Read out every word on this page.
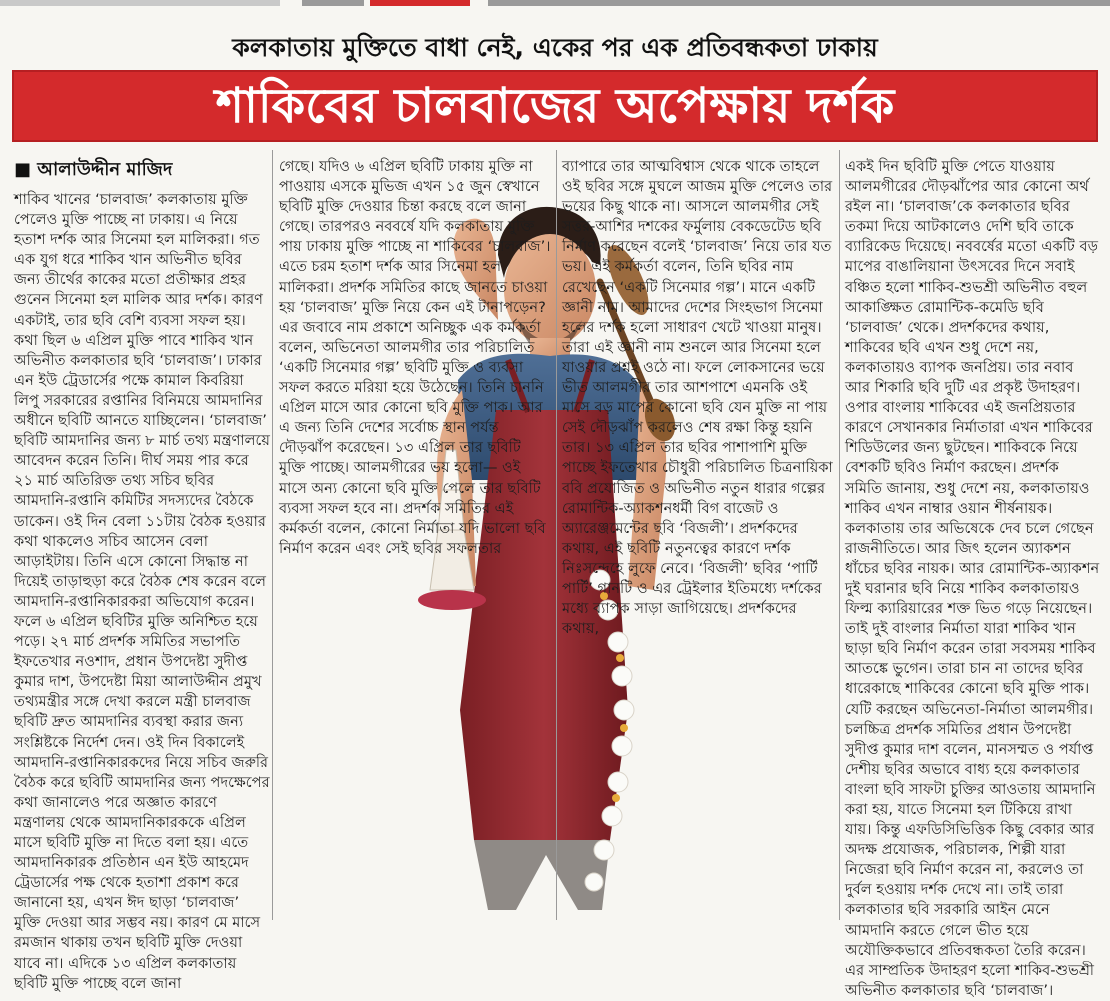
কলকাতায় মুক্তিতে বাধা নেই, একের পর এক প্রতিবন্ধকতা ঢাকায়
শাকিবের চালবাজের অপেক্ষায় দর্শক
■ আলাউদ্দীন মাজিদ

শাকিব খানের ‘চালবাজ’ কলকাতায় মুক্তি পেলেও মুক্তি পাচ্ছে না ঢাকায়। এ নিয়ে হতাশ দর্শক আর সিনেমা হল মালিকরা। গত এক যুগ ধরে শাকিব খান অভিনীত ছবির জন্য তীর্থের কাকের মতো প্রতীক্ষার প্রহর গুনেন সিনেমা হল মালিক আর দর্শক। কারণ একটাই, তার ছবি বেশি ব্যবসা সফল হয়। কথা ছিল ৬ এপ্রিল মুক্তি পাবে শাকিব খান অভিনীত কলকাতার ছবি ‘চালবাজ’। ঢাকার এন ইউ ট্রেডার্সের পক্ষে কামাল কিবরিয়া লিপু সরকারের রপ্তানির বিনিময়ে আমদানির অধীনে ছবিটি আনতে যাচ্ছিলেন। ‘চালবাজ’ ছবিটি আমদানির জন্য ৮ মার্চ তথ্য মন্ত্রণালয়ে আবেদন করেন তিনি। দীর্ঘ সময় পার করে ২১ মার্চ অতিরিক্ত তথ্য সচিব ছবির আমদানি-রপ্তানি কমিটির সদস্যদের বৈঠকে ডাকেন। ওই দিন বেলা ১১টায় বৈঠক হওয়ার কথা থাকলেও সচিব আসেন বেলা আড়াইটায়। তিনি এসে কোনো সিদ্ধান্ত না দিয়েই তাড়াহুড়া করে বৈঠক শেষ করেন বলে আমদানি-রপ্তানিকারকরা অভিযোগ করেন। ফলে ৬ এপ্রিল ছবিটির মুক্তি অনিশ্চিত হয়ে পড়ে। ২৭ মার্চ প্রদর্শক সমিতির সভাপতি ইফতেখার নওশাদ, প্রধান উপদেষ্টা সুদীপ্ত কুমার দাশ, উপদেষ্টা মিয়া আলাউদ্দীন প্রমুখ তথ্যমন্ত্রীর সঙ্গে দেখা করলে মন্ত্রী চালবাজ ছবিটি দ্রুত আমদানির ব্যবস্থা করার জন্য সংশ্লিষ্টকে নির্দেশ দেন। ওই দিন বিকালেই আমদানি-রপ্তানিকারকদের নিয়ে সচিব জরুরি বৈঠক করে ছবিটি আমদানির জন্য পদক্ষেপের কথা জানালেও পরে অজ্ঞাত কারণে মন্ত্রণালয় থেকে আমদানিকারককে এপ্রিল মাসে ছবিটি মুক্তি না দিতে বলা হয়। এতে আমদানিকারক প্রতিষ্ঠান এন ইউ আহমেদ ট্রেডার্সের পক্ষ থেকে হতাশা প্রকাশ করে জানানো হয়, এখন ঈদ ছাড়া ‘চালবাজ’ মুক্তি দেওয়া আর সম্ভব নয়। কারণ মে মাসে রমজান থাকায় তখন ছবিটি মুক্তি দেওয়া যাবে না। এদিকে ১৩ এপ্রিল কলকাতায় ছবিটি মুক্তি পাচ্ছে বলে জানা

গেছে। যদিও ৬ এপ্রিল ছবিটি ঢাকায় মুক্তি না পাওয়ায় এসকে মুভিজ এখন ১৫ জুন স্বেখানে ছবিটি মুক্তি দেওয়ার চিন্তা করছে বলে জানা গেছে। তারপরও নববর্ষে যদি কলকাতায় মুক্তি পায় ঢাকায় মুক্তি পাচ্ছে না শাকিবের ‘চালবাজ’। এতে চরম হতাশ দর্শক আর সিনেমা হল মালিকরা। প্রদর্শক সমিতির কাছে জানতে চাওয়া হয় ‘চালবাজ’ মুক্তি নিয়ে কেন এই টানাপড়েন? এর জবাবে নাম প্রকাশে অনিচ্ছুক এক কর্মকর্তা বলেন, অভিনেতা আলমগীর তার পরিচালিত ‘একটি সিনেমার গল্প’ ছবিটি মুক্তি ও ব্যবসা সফল করতে মরিয়া হয়ে উঠেছেন। তিনি চাননি এপ্রিল মাসে আর কোনো ছবি মুক্তি পাক। আর এ জন্য তিনি দেশের সর্বোচ্চ স্থান পর্যন্ত দৌড়ঝাঁপ করেছেন। ১৩ এপ্রিল তার ছবিটি মুক্তি পাচ্ছে। আলমগীরের ভয় হলো— ওই মাসে অন্য কোনো ছবি মুক্তি পেলে তার ছবিটি ব্যবসা সফল হবে না। প্রদর্শক সমিতির এই কর্মকর্তা বলেন, কোনো নির্মাতা যদি ভালো ছবি নির্মাণ করেন এবং সেই ছবির সফলতার

ব্যাপারে তার আত্মবিশ্বাস থেকে থাকে তাহলে ওই ছবির সঙ্গে মুঘলে আজম মুক্তি পেলেও তার ভয়ের কিছু থাকে না। আসলে আলমগীর সেই সত্তর-আশির দশকের ফর্মুলায় বেকডেটেড ছবি নির্মাণ করেছেন বলেই ‘চালবাজ’ নিয়ে তার যত ভয়। এই কর্মকর্তা বলেন, তিনি ছবির নাম রেখেছেন ‘একটি সিনেমার গল্প’। মানে একটি জ্ঞানী নাম। আমাদের দেশের সিংহভাগ সিনেমা হলের দর্শক হলো সাধারণ খেটে খাওয়া মানুষ। তারা এই জ্ঞানী নাম শুনলে আর সিনেমা হলে যাওয়ার প্রশ্নই ওঠে না। ফলে লোকসানের ভয়ে ভীত আলমগীর তার আশপাশে এমনকি ওই মাসে বড় মাপের কোনো ছবি যেন মুক্তি না পায় সেই দৌড়ঝাঁপ করলেও শেষ রক্ষা কিন্তু হয়নি তার। ১৩ এপ্রিল তার ছবির পাশাপাশি মুক্তি পাচ্ছে ইফতেখার চৌধুরী পরিচালিত চিত্রনায়িকা ববি প্রযোজিত ও অভিনীত নতুন ধারার গল্পের রোমান্টিক-অ্যাকশনধর্মী বিগ বাজেট ও অ্যারেঞ্জমেন্টের ছবি ‘বিজলী’। প্রদর্শকদের কথায়, এই ছবিটি নতুনত্বের কারণে দর্শক নিঃসন্দেহে লুফে নেবে। ‘বিজলী’ ছবির ‘পার্টি পার্টি’ গানটি ও এর ট্রেইলার ইতিমধ্যে দর্শকের মধ্যে ব্যাপক সাড়া জাগিয়েছে। প্রদর্শকদের কথায়,

একই দিন ছবিটি মুক্তি পেতে যাওয়ায় আলমগীরের দৌড়ঝাঁপের আর কোনো অর্থ রইল না। ‘চালবাজ’কে কলকাতার ছবির তকমা দিয়ে আটকালেও দেশি ছবি তাকে ব্যারিকেড দিয়েছে। নববর্ষের মতো একটি বড় মাপের বাঙালিয়ানা উৎসবের দিনে সবাই বঞ্চিত হলো শাকিব-শুভশ্রী অভিনীত বহুল আকাঙ্ক্ষিত রোমান্টিক-কমেডি ছবি ‘চালবাজ’ থেকে। প্রদর্শকদের কথায়, শাকিবের ছবি এখন শুধু দেশে নয়, কলকাতায়ও ব্যাপক জনপ্রিয়। তার নবাব আর শিকারি ছবি দুটি এর প্রকৃষ্ট উদাহরণ। ওপার বাংলায় শাকিবের এই জনপ্রিয়তার কারণে সেখানকার নির্মাতারা এখন শাকিবের শিডিউলের জন্য ছুটছেন। শাকিবকে নিয়ে বেশকটি ছবিও নির্মাণ করছেন। প্রদর্শক সমিতি জানায়, শুধু দেশে নয়, কলকাতায়ও শাকিব এখন নাম্বার ওয়ান শীর্ষনায়ক। কলকাতায় তার অভিষেকে দেব চলে গেছেন রাজনীতিতে। আর জিৎ হলেন অ্যাকশন ধাঁচের ছবির নায়ক। আর রোমান্টিক-অ্যাকশন দুই ঘরানার ছবি নিয়ে শাকিব কলকাতায়ও ফিল্ম ক্যারিয়ারের শক্ত ভিত গড়ে নিয়েছেন। তাই দুই বাংলার নির্মাতা যারা শাকিব খান ছাড়া ছবি নির্মাণ করেন তারা সবসময় শাকিব আতঙ্কে ভুগেন। তারা চান না তাদের ছবির ধারেকাছে শাকিবের কোনো ছবি মুক্তি পাক। যেটি করছেন অভিনেতা-নির্মাতা আলমগীর। চলচ্চিত্র প্রদর্শক সমিতির প্রধান উপদেষ্টা সুদীপ্ত কুমার দাশ বলেন, মানসম্মত ও পর্যাপ্ত দেশীয় ছবির অভাবে বাধ্য হয়ে কলকাতার বাংলা ছবি সাফটা চুক্তির আওতায় আমদানি করা হয়, যাতে সিনেমা হল টিকিয়ে রাখা যায়। কিন্তু এফডিসিভিত্তিক কিছু বেকার আর অদক্ষ প্রযোজক, পরিচালক, শিল্পী যারা নিজেরা ছবি নির্মাণ করেন না, করলেও তা দুর্বল হওয়ায় দর্শক দেখে না। তাই তারা কলকাতার ছবি সরকারি আইন মেনে আমদানি করতে গেলে ভীত হয়ে অযৌক্তিকভাবে প্রতিবন্ধকতা তৈরি করেন। এর সাম্প্রতিক উদাহরণ হলো শাকিব-শুভশ্রী অভিনীত কলকাতার ছবি ‘চালবাজ’।
